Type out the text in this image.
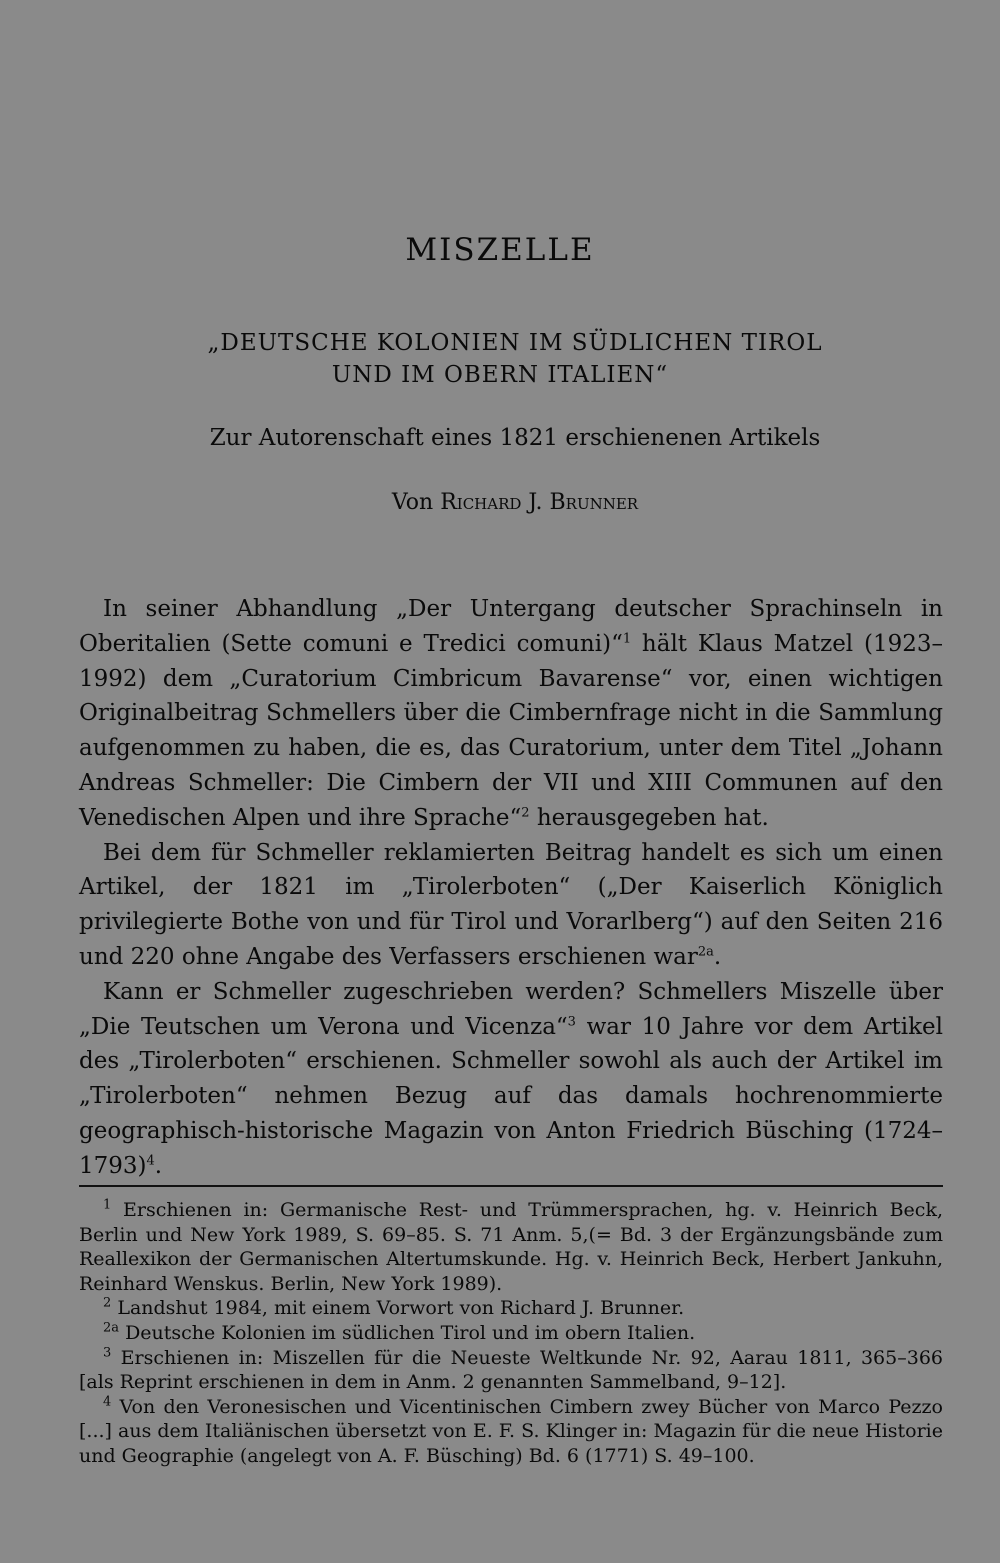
MISZELLE
„DEUTSCHE KOLONIEN IM SÜDLICHEN TIROL
UND IM OBERN ITALIEN“
Zur Autorenschaft eines 1821 erschienenen Artikels
Von Richard J. Brunner

In seiner Abhandlung „Der Untergang deutscher Sprachinseln in Oberitalien (Sette comuni e Tredici comuni)“$^1$ hält Klaus Matzel (1923–1992) dem „Curatorium Cimbricum Bavarense“ vor, einen wichtigen Originalbeitrag Schmellers über die Cimbernfrage nicht in die Sammlung aufgenommen zu haben, die es, das Curatorium, unter dem Titel „Johann Andreas Schmeller: Die Cimbern der VII und XIII Communen auf den Venedischen Alpen und ihre Sprache“$^2$ herausgegeben hat.

Bei dem für Schmeller reklamierten Beitrag handelt es sich um einen Artikel, der 1821 im „Tirolerboten“ („Der Kaiserlich Königlich privilegierte Bothe von und für Tirol und Vorarlberg“) auf den Seiten 216 und 220 ohne Angabe des Verfassers erschienen war$^{2a}$.

Kann er Schmeller zugeschrieben werden? Schmellers Miszelle über „Die Teutschen um Verona und Vicenza“$^3$ war 10 Jahre vor dem Artikel des „Tirolerboten“ erschienen. Schmeller sowohl als auch der Artikel im „Tirolerboten“ nehmen Bezug auf das damals hochrenommierte geographisch-historische Magazin von Anton Friedrich Büsching (1724–1793)$^4$.

$^1$ Erschienen in: Germanische Rest- und Trümmersprachen, hg. v. Heinrich Beck, Berlin und New York 1989, S. 69–85. S. 71 Anm. 5,(= Bd. 3 der Ergänzungsbände zum Reallexikon der Germanischen Altertumskunde. Hg. v. Heinrich Beck, Herbert Jankuhn, Reinhard Wenskus. Berlin, New York 1989).

$^2$ Landshut 1984, mit einem Vorwort von Richard J. Brunner.

$^{2a}$ Deutsche Kolonien im südlichen Tirol und im obern Italien.

$^3$ Erschienen in: Miszellen für die Neueste Weltkunde Nr. 92, Aarau 1811, 365–366 [als Reprint erschienen in dem in Anm. 2 genannten Sammelband, 9–12].

$^4$ Von den Veronesischen und Vicentinischen Cimbern zwey Bücher von Marco Pezzo [...] aus dem Italiänischen übersetzt von E. F. S. Klinger in: Magazin für die neue Historie und Geographie (angelegt von A. F. Büsching) Bd. 6 (1771) S. 49–100.
